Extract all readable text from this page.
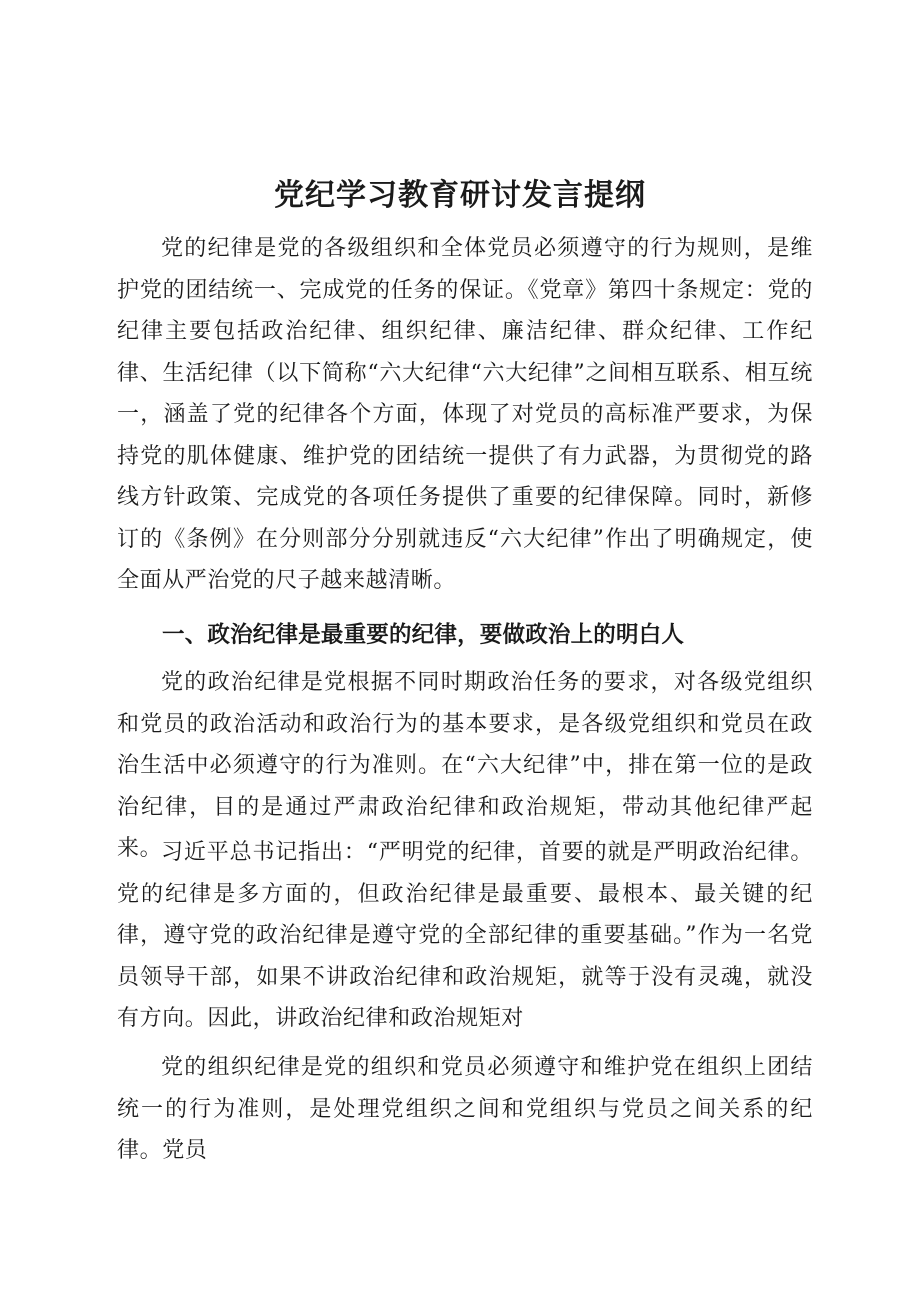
党纪学习教育研讨发言提纲

党的纪律是党的各级组织和全体党员必须遵守的行为规则，是维护党的团结统一、完成党的任务的保证。《党章》第四十条规定：党的纪律主要包括政治纪律、组织纪律、廉洁纪律、群众纪律、工作纪律、生活纪律（以下简称“六大纪律“六大纪律”之间相互联系、相互统一，涵盖了党的纪律各个方面，体现了对党员的高标准严要求，为保持党的肌体健康、维护党的团结统一提供了有力武器，为贯彻党的路线方针政策、完成党的各项任务提供了重要的纪律保障。同时，新修订的《条例》在分则部分分别就违反“六大纪律”作出了明确规定，使全面从严治党的尺子越来越清晰。

一、政治纪律是最重要的纪律，要做政治上的明白人

党的政治纪律是党根据不同时期政治任务的要求，对各级党组织和党员的政治活动和政治行为的基本要求，是各级党组织和党员在政治生活中必须遵守的行为准则。在“六大纪律”中，排在第一位的是政治纪律，目的是通过严肃政治纪律和政治规矩，带动其他纪律严起来。

习近平总书记指出：“严明党的纪律，首要的就是严明政治纪律。党的纪律是多方面的，但政治纪律是最重要、最根本、最关键的纪律，遵守党的政治纪律是遵守党的全部纪律的重要基础。”作为一名党员领导干部，如果不讲政治纪律和政治规矩，就等于没有灵魂，就没有方向。因此，讲政治纪律和政治规矩对

党的组织纪律是党的组织和党员必须遵守和维护党在组织上团结统一的行为准则，是处理党组织之间和党组织与党员之间关系的纪律。党员
